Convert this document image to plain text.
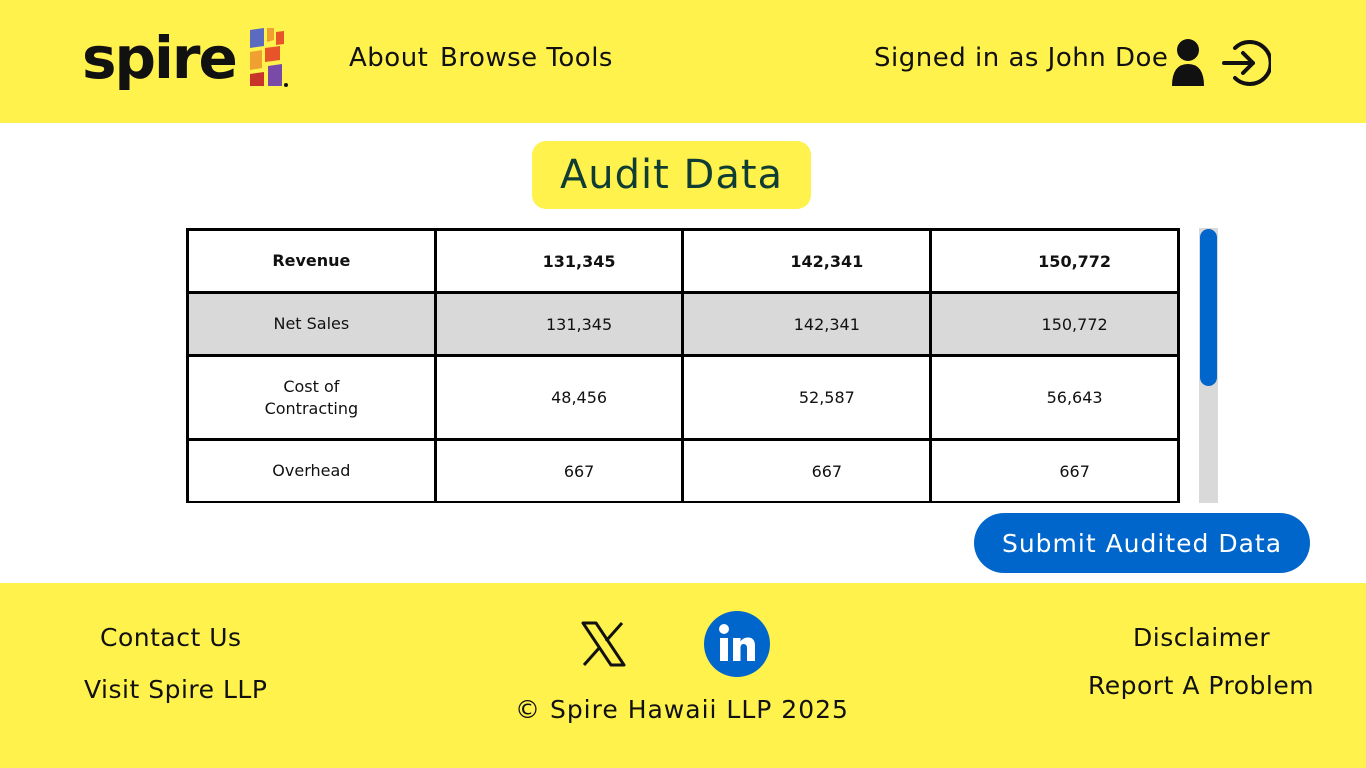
spire	About Browse Tools	Signed in as John Doe
Audit Data
Revenue	131,345	142,341	150,772
Net Sales	131,345	142,341	150,772
Cost of
Contracting	48,456	52,587	56,643
Overhead	667	667	667
Submit Audited Data
Contact Us
Visit Spire LLP
© Spire Hawaii LLP 2025
Disclaimer
Report A Problem
